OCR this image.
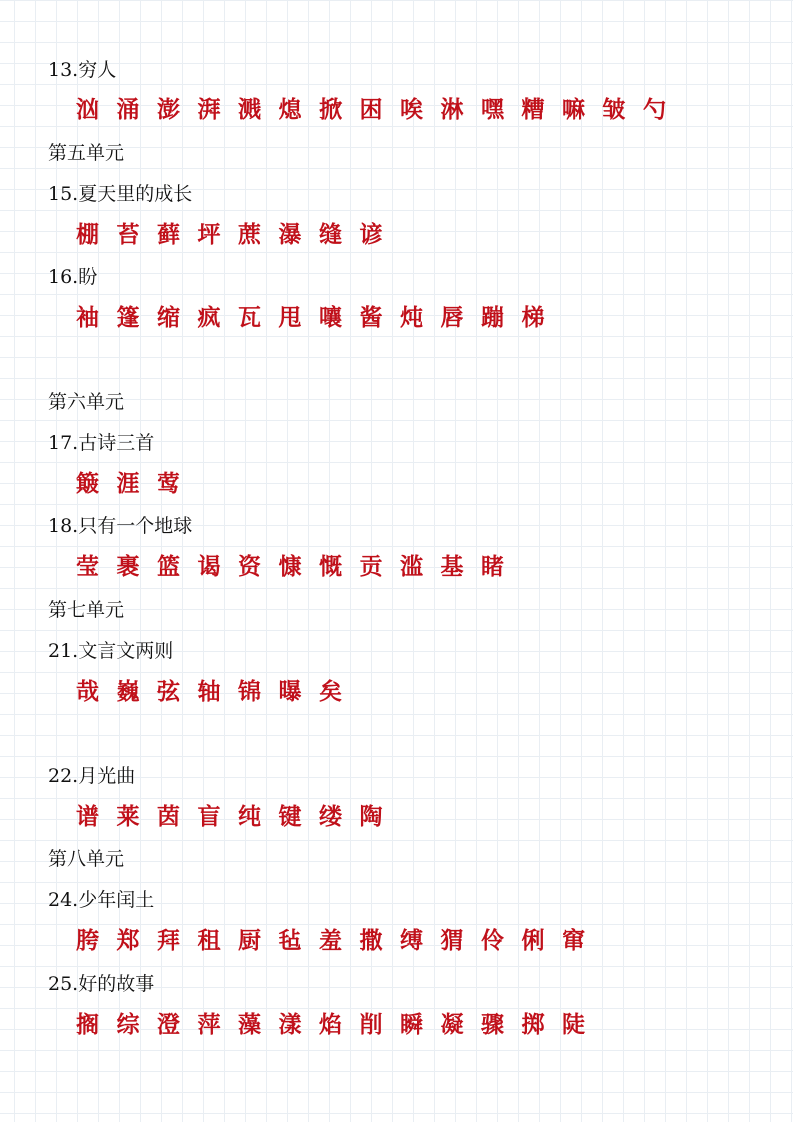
13.穷人
汹 涌 澎 湃 溅 熄 掀 困 唉 淋 嘿 糟 嘛 皱 勺
第五单元
15.夏天里的成长
棚 苔 藓 坪 蔗 瀑 缝 谚
16.盼
袖 篷 缩 疯 瓦 甩 嚷 酱 炖 唇 蹦 梯
第六单元
17.古诗三首
簸 涯 莺
18.只有一个地球
莹 裹 篮 谒 资 慷 慨 贡 滥 基 睹
第七单元
21.文言文两则
哉 巍 弦 轴 锦 曝 矣
22.月光曲
谱 莱 茵 盲 纯 键 缕 陶
第八单元
24.少年闰土
胯 郑 拜 租 厨 毡 羞 撒 缚 猬 伶 俐 窜
25.好的故事
搁 综 澄 萍 藻 漾 焰 削 瞬 凝 骤 掷 陡
